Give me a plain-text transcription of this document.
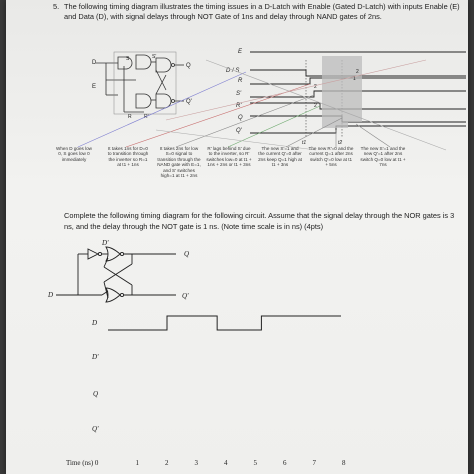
5. The following timing diagram illustrates the timing issues in a D-Latch with Enable (Gated D-Latch) with inputs Enable (E) and Data (D), with signal delays through NOT Gate of 1ns and delay through NAND gates of 2ns.
D
S	S'
Q
E
Q'
R R'
E
D / S
R
S'
R'
Q
Q'
1
2
2
2
t1	t2
When D goes low 0, S goes low 0 immediately
It takes 1ns for D=0 to transition through the inverter so R=1 at t1 + 1ns
It takes 2ns for low S=0 signal to transition through the NAND gate with E=1, and S' switches high=1 at t1 + 2ns
R' lags behind S' due to the inverter, so R' switches low=0 at t1 + 1ns + 2ns or t1 + 3ns
The new S'=1 and the current Q'=0 after 2ns keep Q=1 high at t1 + 3ns
The new R'=0 and the current Q=1 after 2ns switch Q'=0 low at t1 + 5ns
The new S'=1 and the new Q'=1 after 2ns switch Q=0 low at t1 + 7ns
Complete the following timing diagram for the following circuit. Assume that the signal delay through the NOR gates is 3 ns, and the delay through the NOT gate is 1 ns. (Note time scale is in ns) (4pts)
D
D'
Q
Q'
D
D'
Q
Q'
Time (ns) 0	1	2	3	4	5	6	7	8
